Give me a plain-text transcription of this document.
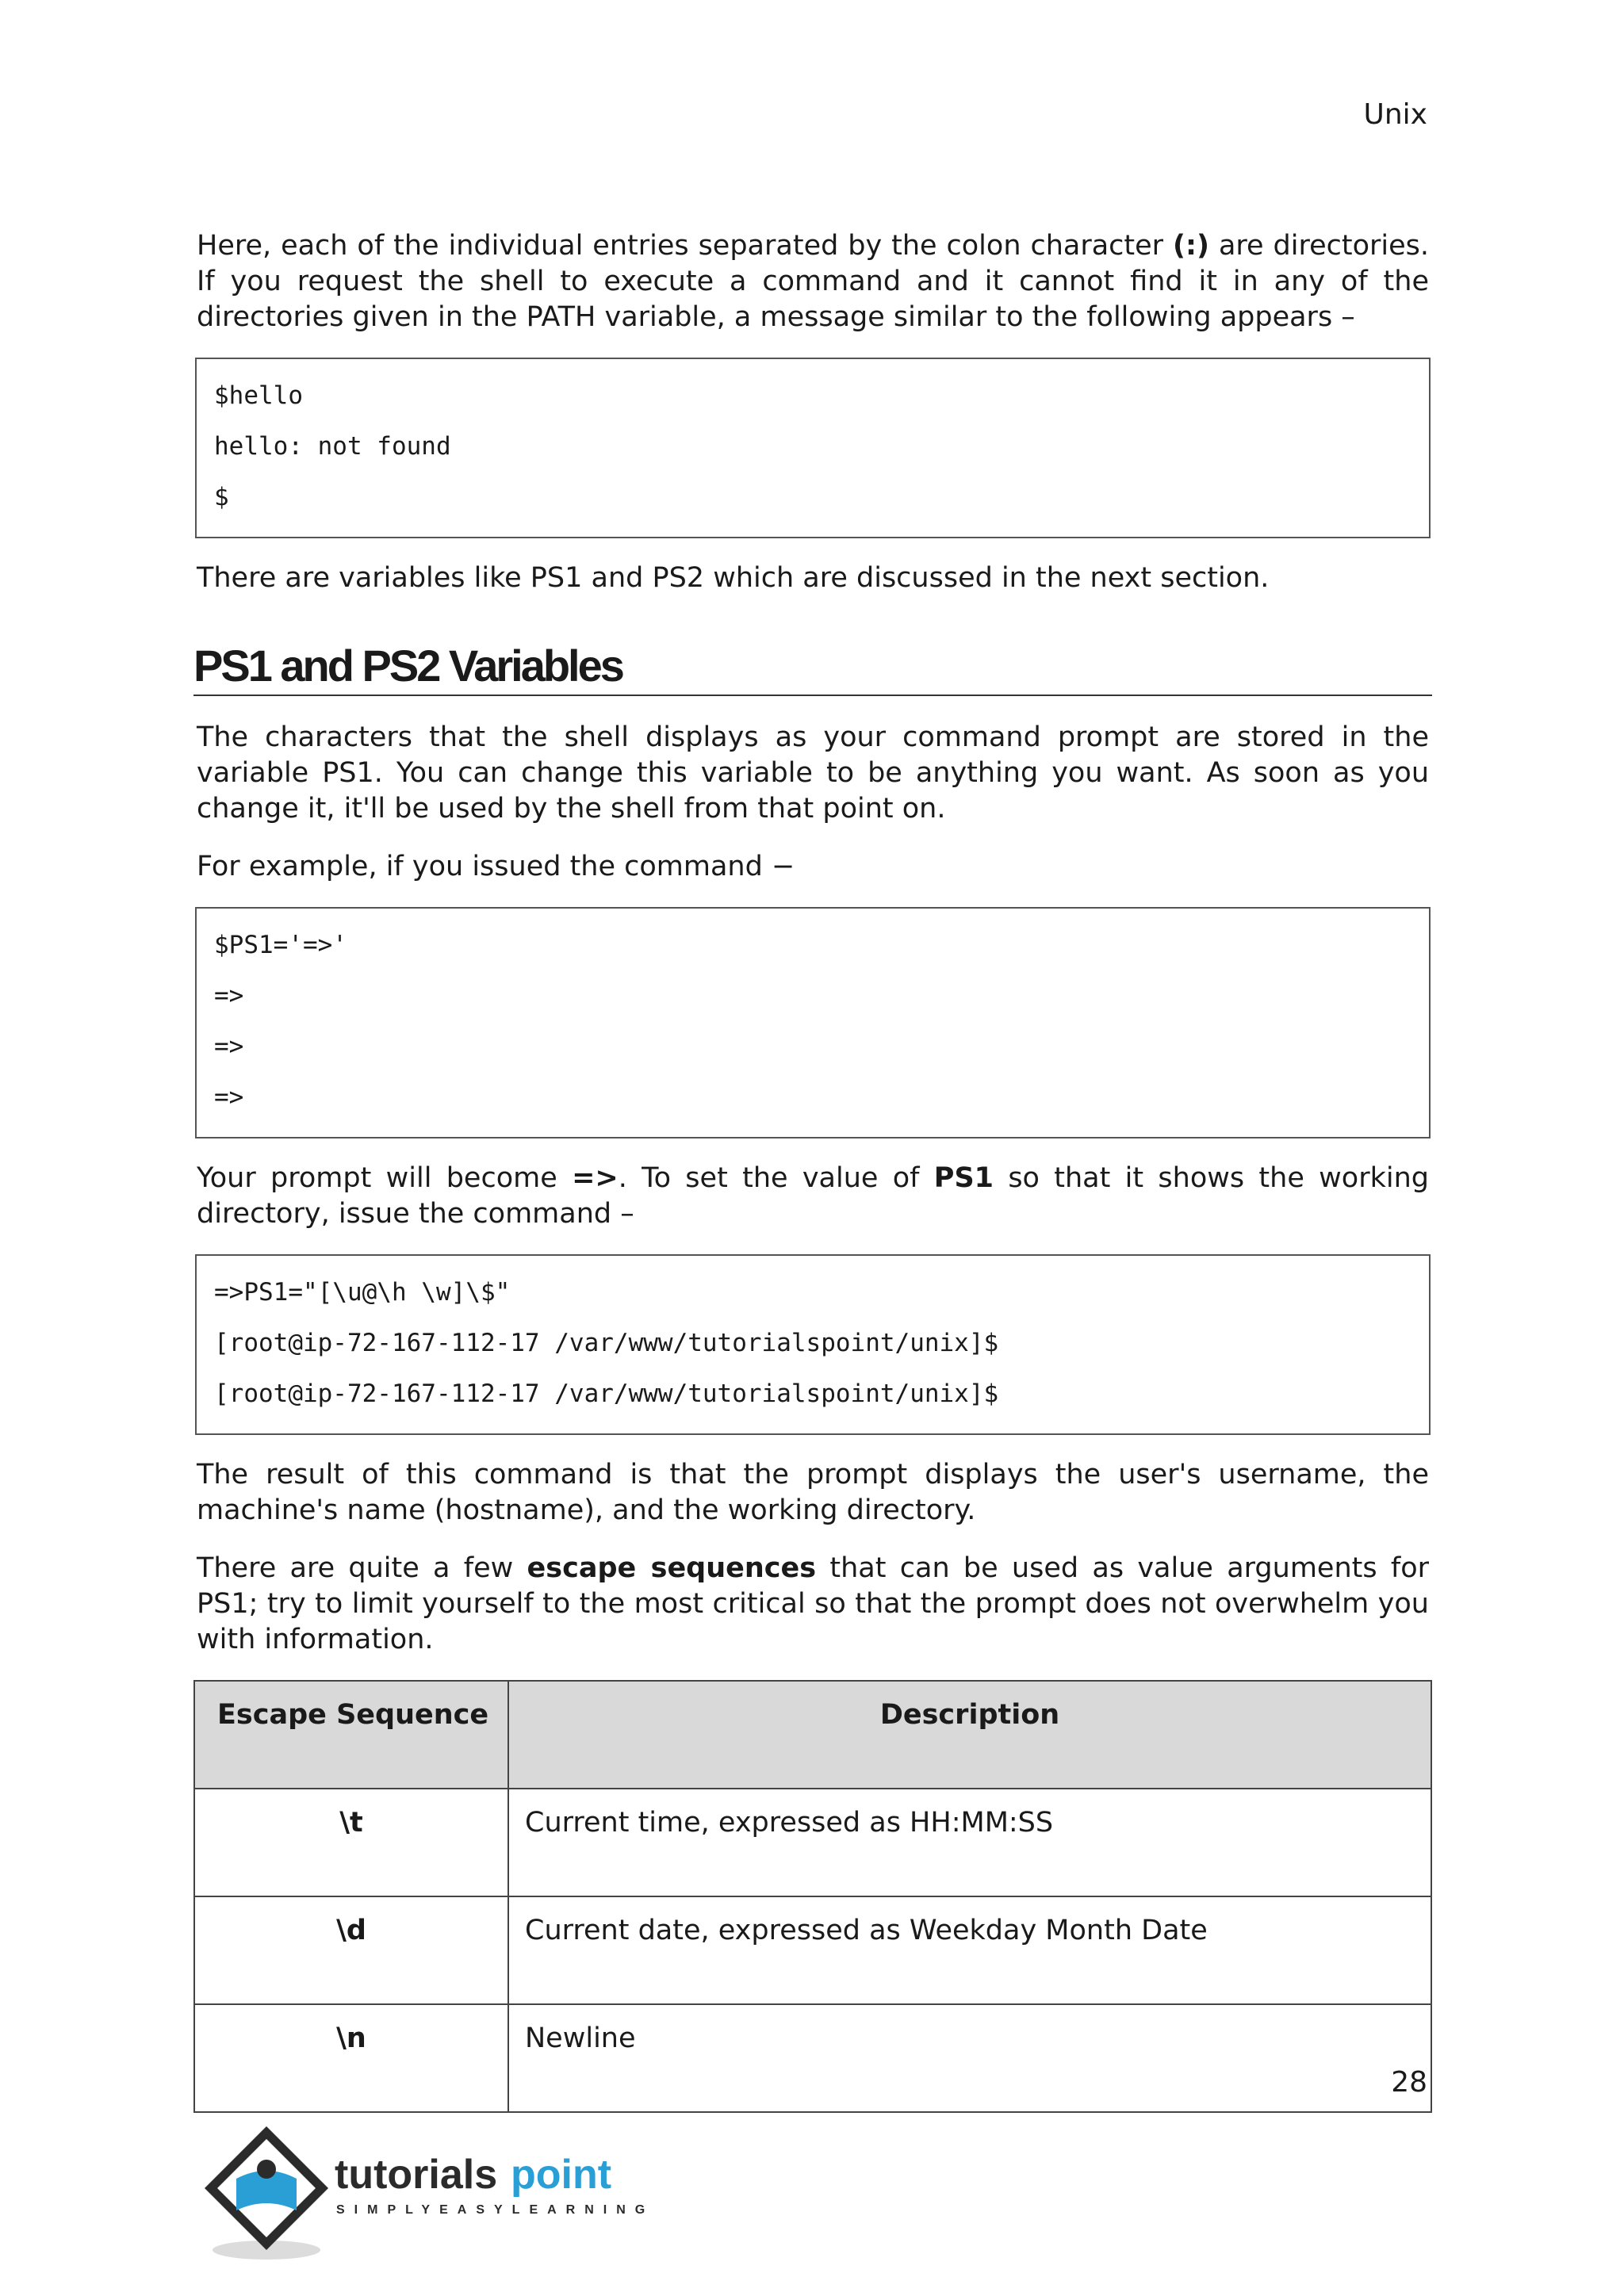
Unix

Here, each of the individual entries separated by the colon character (:) are directories. If you request the shell to execute a command and it cannot find it in any of the directories given in the PATH variable, a message similar to the following appears –

$hello
hello: not found
$

There are variables like PS1 and PS2 which are discussed in the next section.

PS1 and PS2 Variables

The characters that the shell displays as your command prompt are stored in the variable PS1. You can change this variable to be anything you want. As soon as you change it, it'll be used by the shell from that point on.

For example, if you issued the command −

$PS1='=>'
=>
=>
=>

Your prompt will become =>. To set the value of PS1 so that it shows the working directory, issue the command –

=>PS1="[\u@\h \w]\$"
[root@ip-72-167-112-17 /var/www/tutorialspoint/unix]$
[root@ip-72-167-112-17 /var/www/tutorialspoint/unix]$

The result of this command is that the prompt displays the user's username, the machine's name (hostname), and the working directory.

There are quite a few escape sequences that can be used as value arguments for PS1; try to limit yourself to the most critical so that the prompt does not overwhelm you with information.

Escape Sequence	Description
\t	Current time, expressed as HH:MM:SS
\d	Current date, expressed as Weekday Month Date
\n	Newline
28
tutorials point
SIMPLYEASYLEARNING
